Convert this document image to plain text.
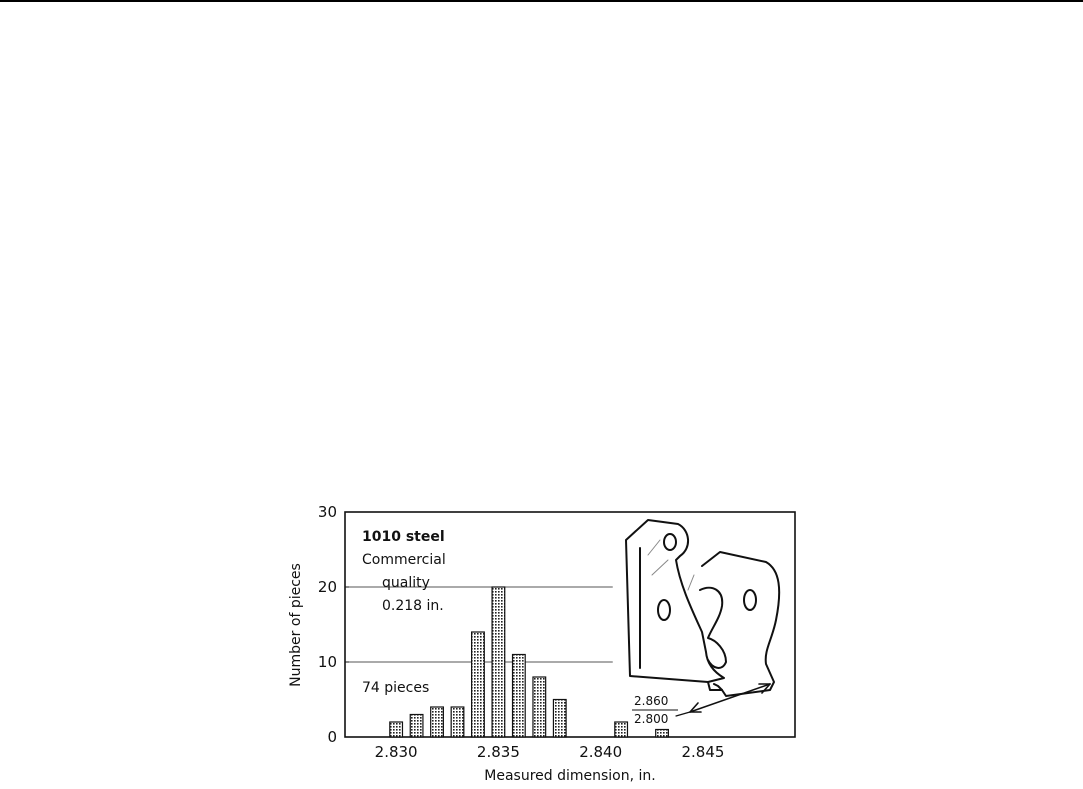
0
10
20
30
2.830	2.835	2.840	2.845
Measured dimension, in.
Number of pieces
1010 steel
Commercial
quality
0.218 in.
74 pieces
2.860
2.800
